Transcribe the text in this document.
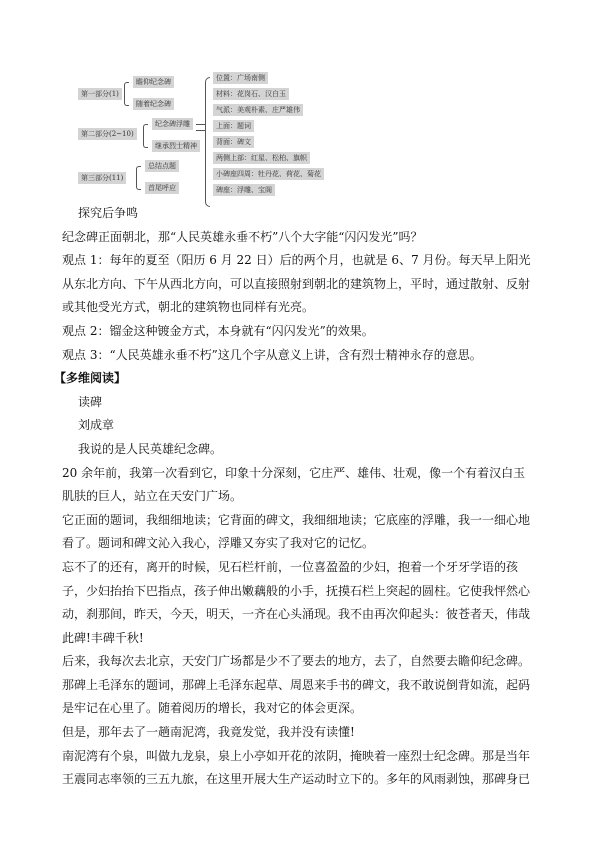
第一部分(1)
第二部分(2~10)
第三部分(11)
瞻仰纪念碑
随着纪念碑
纪念碑浮雕
继承烈士精神
总结点题
首尾呼应
位置：广场南侧
材料：花岗石、汉白玉
气派：美观朴素、庄严雄伟
上面：题词
背面：碑文
两侧上部：红星、松柏、旗帜
小碑座四周：牡丹花、荷花、菊花
碑座：浮雕、宝阁

探究后争鸣

纪念碑正面朝北，那“人民英雄永垂不朽”八个大字能“闪闪发光”吗？

观点 1：每年的夏至（阳历 6 月 22 日）后的两个月，也就是 6、7 月份。每天早上阳光从东北方向、下午从西北方向，可以直接照射到朝北的建筑物上，平时，通过散射、反射或其他受光方式，朝北的建筑物也同样有光亮。

观点 2：镏金这种镀金方式，本身就有“闪闪发光”的效果。

观点 3：“人民英雄永垂不朽”这几个字从意义上讲，含有烈士精神永存的意思。

【多维阅读】

读碑

刘成章

我说的是人民英雄纪念碑。

20 余年前，我第一次看到它，印象十分深刻，它庄严、雄伟、壮观，像一个有着汉白玉肌肤的巨人，站立在天安门广场。

它正面的题词，我细细地读；它背面的碑文，我细细地读；它底座的浮雕，我一一细心地看了。题词和碑文沁入我心，浮雕又夯实了我对它的记忆。

忘不了的还有，离开的时候，见石栏杆前，一位喜盈盈的少妇，抱着一个牙牙学语的孩子，少妇抬抬下巴指点，孩子伸出嫩藕般的小手，抚摸石栏上突起的圆柱。它使我怦然心动，刹那间，昨天，今天，明天，一齐在心头涌现。我不由再次仰起头：彼苍者天，伟哉此碑!丰碑千秋!

后来，我每次去北京，天安门广场都是少不了要去的地方，去了，自然要去瞻仰纪念碑。那碑上毛泽东的题词，那碑上毛泽东起草、周恩来手书的碑文，我不敢说倒背如流，起码是牢记在心里了。随着阅历的增长，我对它的体会更深。

但是，那年去了一趟南泥湾，我竟发觉，我并没有读懂!

南泥湾有个泉，叫做九龙泉，泉上小亭如开花的浓阴，掩映着一座烈士纪念碑。那是当年王震同志率领的三五九旅，在这里开展大生产运动时立下的。多年的风雨剥蚀，那碑身已
